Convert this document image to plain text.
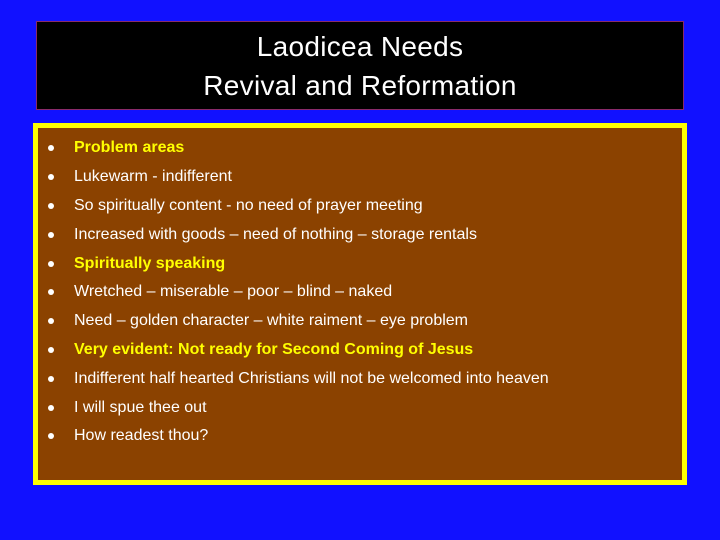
Laodicea Needs
Revival and Reformation
Problem areas
Lukewarm - indifferent
So spiritually content - no need of prayer meeting
Increased with goods – need of nothing – storage rentals
Spiritually speaking
Wretched – miserable – poor – blind – naked
Need – golden character – white raiment – eye problem
Very evident: Not ready for Second Coming of Jesus
Indifferent half hearted Christians will not be welcomed into heaven
I will spue thee out
How readest thou?
